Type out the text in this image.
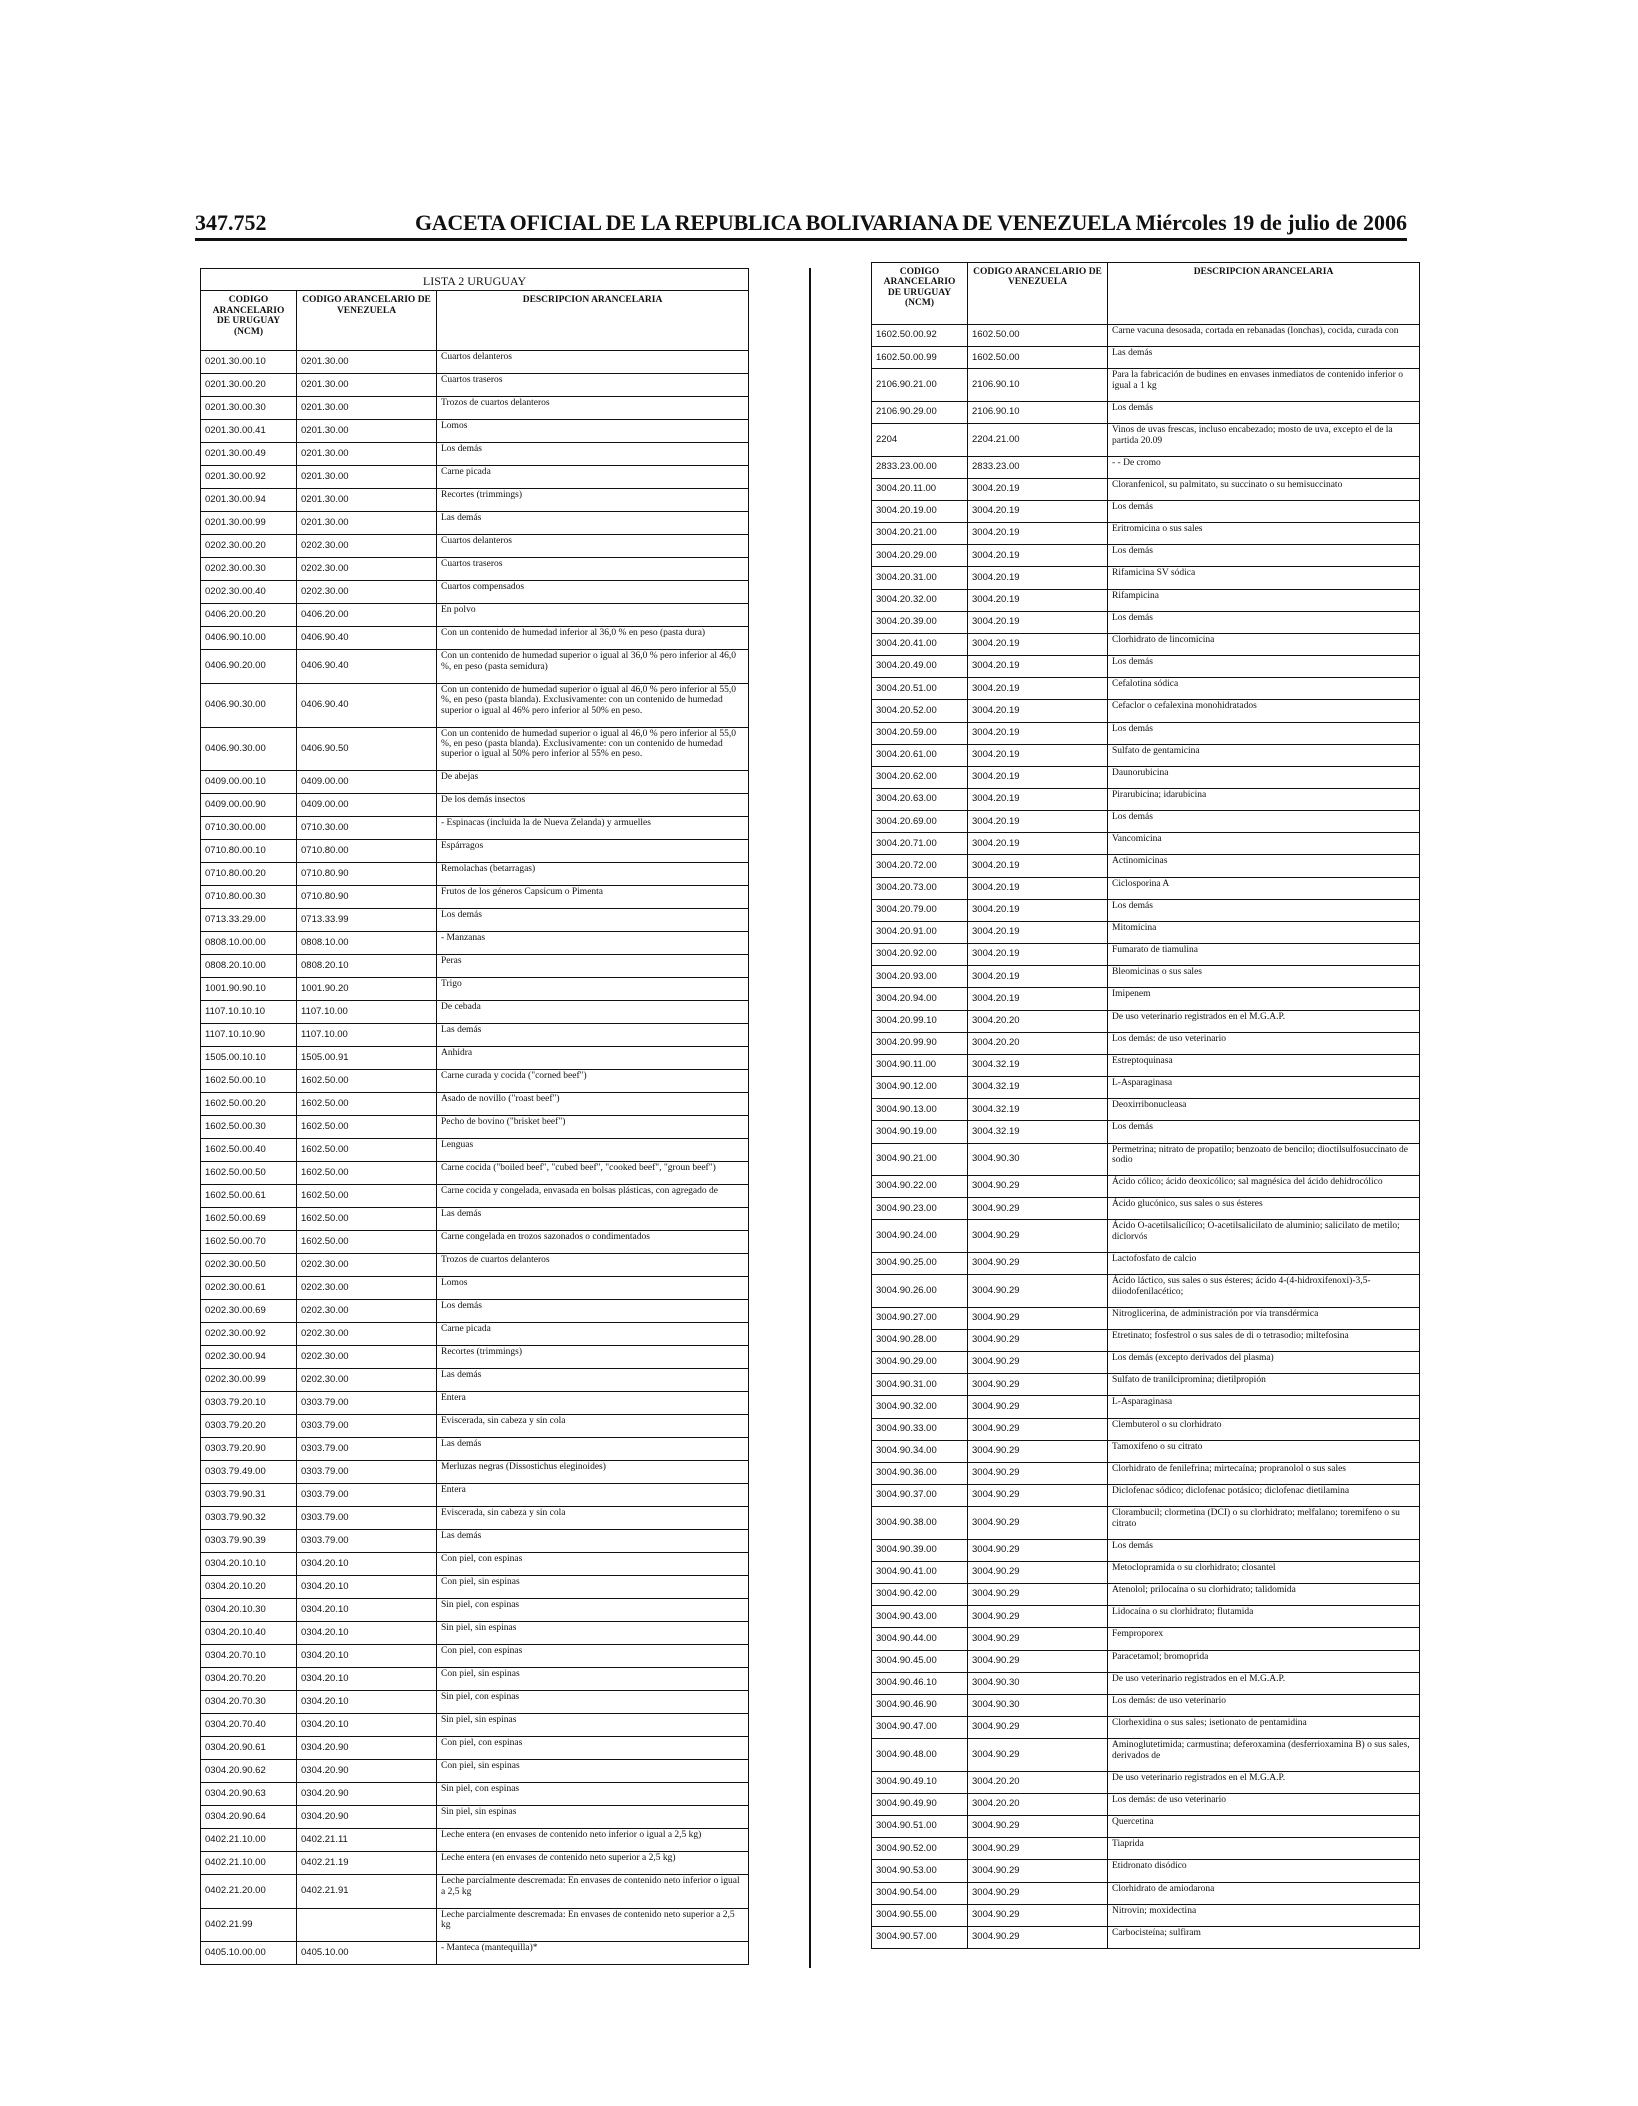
347.752	GACETA OFICIAL DE LA REPUBLICA BOLIVARIANA DE VENEZUELA Miércoles 19 de julio de 2006
LISTA 2 URUGUAY		
CODIGO ARANCELARIO DE URUGUAY (NCM)	CODIGO ARANCELARIO DE VENEZUELA	DESCRIPCION ARANCELARIA
0201.30.00.10	0201.30.00	Cuartos delanteros
0201.30.00.20	0201.30.00	Cuartos traseros
0201.30.00.30	0201.30.00	Trozos de cuartos delanteros
0201.30.00.41	0201.30.00	Lomos
0201.30.00.49	0201.30.00	Los demás
0201.30.00.92	0201.30.00	Carne picada
0201.30.00.94	0201.30.00	Recortes (trimmings)
0201.30.00.99	0201.30.00	Las demás
0202.30.00.20	0202.30.00	Cuartos delanteros
0202.30.00.30	0202.30.00	Cuartos traseros
0202.30.00.40	0202.30.00	Cuartos compensados
0406.20.00.20	0406.20.00	En polvo
0406.90.10.00	0406.90.40	Con un contenido de humedad inferior al 36,0 % en peso (pasta dura)
0406.90.20.00	0406.90.40	Con un contenido de humedad superior o igual al 36,0 % pero inferior al 46,0 %, en peso (pasta semidura)
0406.90.30.00	0406.90.40	Con un contenido de humedad superior o igual al 46,0 % pero inferior al 55,0 %, en peso (pasta blanda). Exclusivamente: con un contenido de humedad superior o igual al 46% pero inferior al 50% en peso.
0406.90.30.00	0406.90.50	Con un contenido de humedad superior o igual al 46,0 % pero inferior al 55,0 %, en peso (pasta blanda). Exclusivamente: con un contenido de humedad superior o igual al 50% pero inferior al 55% en peso.
0409.00.00.10	0409.00.00	De abejas
0409.00.00.90	0409.00.00	De los demás insectos
0710.30.00.00	0710.30.00	- Espinacas (incluida la de Nueva Zelanda) y armuelles
0710.80.00.10	0710.80.00	Espárragos
0710.80.00.20	0710.80.90	Remolachas (betarragas)
0710.80.00.30	0710.80.90	Frutos de los géneros Capsicum o Pimenta
0713.33.29.00	0713.33.99	Los demás
0808.10.00.00	0808.10.00	- Manzanas
0808.20.10.00	0808.20.10	Peras
1001.90.90.10	1001.90.20	Trigo
1107.10.10.10	1107.10.00	De cebada
1107.10.10.90	1107.10.00	Las demás
1505.00.10.10	1505.00.91	Anhidra
1602.50.00.10	1602.50.00	Carne curada y cocida ("corned beef")
1602.50.00.20	1602.50.00	Asado de novillo ("roast beef")
1602.50.00.30	1602.50.00	Pecho de bovino ("brisket beef")
1602.50.00.40	1602.50.00	Lenguas
1602.50.00.50	1602.50.00	Carne cocida ("boiled beef", "cubed beef", "cooked beef", "groun beef")
1602.50.00.61	1602.50.00	Carne cocida y congelada, envasada en bolsas plásticas, con agregado de
1602.50.00.69	1602.50.00	Las demás
1602.50.00.70	1602.50.00	Carne congelada en trozos sazonados o condimentados
0202.30.00.50	0202.30.00	Trozos de cuartos delanteros
0202.30.00.61	0202.30.00	Lomos
0202.30.00.69	0202.30.00	Los demás
0202.30.00.92	0202.30.00	Carne picada
0202.30.00.94	0202.30.00	Recortes (trimmings)
0202.30.00.99	0202.30.00	Las demás
0303.79.20.10	0303.79.00	Entera
0303.79.20.20	0303.79.00	Eviscerada, sin cabeza y sin cola
0303.79.20.90	0303.79.00	Las demás
0303.79.49.00	0303.79.00	Merluzas negras (Dissostichus eleginoides)
0303.79.90.31	0303.79.00	Entera
0303.79.90.32	0303.79.00	Eviscerada, sin cabeza y sin cola
0303.79.90.39	0303.79.00	Las demás
0304.20.10.10	0304.20.10	Con piel, con espinas
0304.20.10.20	0304.20.10	Con piel, sin espinas
0304.20.10.30	0304.20.10	Sin piel, con espinas
0304.20.10.40	0304.20.10	Sin piel, sin espinas
0304.20.70.10	0304.20.10	Con piel, con espinas
0304.20.70.20	0304.20.10	Con piel, sin espinas
0304.20.70.30	0304.20.10	Sin piel, con espinas
0304.20.70.40	0304.20.10	Sin piel, sin espinas
0304.20.90.61	0304.20.90	Con piel, con espinas
0304.20.90.62	0304.20.90	Con piel, sin espinas
0304.20.90.63	0304.20.90	Sin piel, con espinas
0304.20.90.64	0304.20.90	Sin piel, sin espinas
0402.21.10.00	0402.21.11	Leche entera (en envases de contenido neto inferior o igual a 2,5 kg)
0402.21.10.00	0402.21.19	Leche entera (en envases de contenido neto superior a 2,5 kg)
0402.21.20.00	0402.21.91	Leche parcialmente descremada: En envases de contenido neto inferior o igual a 2,5 kg
0402.21.99		Leche parcialmente descremada: En envases de contenido neto superior a 2,5 kg
0405.10.00.00	0405.10.00	- Manteca (mantequilla)*
CODIGO ARANCELARIO DE URUGUAY (NCM)	CODIGO ARANCELARIO DE VENEZUELA	DESCRIPCION ARANCELARIA
1602.50.00.92	1602.50.00	Carne vacuna desosada, cortada en rebanadas (lonchas), cocida, curada con
1602.50.00.99	1602.50.00	Las demás
2106.90.21.00	2106.90.10	Para la fabricación de budines en envases inmediatos de contenido inferior o igual a 1 kg
2106.90.29.00	2106.90.10	Los demás
2204	2204.21.00	Vinos de uvas frescas, incluso encabezado; mosto de uva, excepto el de la partida 20.09
2833.23.00.00	2833.23.00	- - De cromo
3004.20.11.00	3004.20.19	Cloranfenicol, su palmitato, su succinato o su hemisuccinato
3004.20.19.00	3004.20.19	Los demás
3004.20.21.00	3004.20.19	Eritromicina o sus sales
3004.20.29.00	3004.20.19	Los demás
3004.20.31.00	3004.20.19	Rifamicina SV sódica
3004.20.32.00	3004.20.19	Rifampicina
3004.20.39.00	3004.20.19	Los demás
3004.20.41.00	3004.20.19	Clorhidrato de lincomicina
3004.20.49.00	3004.20.19	Los demás
3004.20.51.00	3004.20.19	Cefalotina sódica
3004.20.52.00	3004.20.19	Cefaclor o cefalexina monohidratados
3004.20.59.00	3004.20.19	Los demás
3004.20.61.00	3004.20.19	Sulfato de gentamicina
3004.20.62.00	3004.20.19	Daunorubicina
3004.20.63.00	3004.20.19	Pirarubicina; idarubicina
3004.20.69.00	3004.20.19	Los demás
3004.20.71.00	3004.20.19	Vancomicina
3004.20.72.00	3004.20.19	Actinomicinas
3004.20.73.00	3004.20.19	Ciclosporina A
3004.20.79.00	3004.20.19	Los demás
3004.20.91.00	3004.20.19	Mitomicina
3004.20.92.00	3004.20.19	Fumarato de tiamulina
3004.20.93.00	3004.20.19	Bleomicinas o sus sales
3004.20.94.00	3004.20.19	Imipenem
3004.20.99.10	3004.20.20	De uso veterinario registrados en el M.G.A.P.
3004.20.99.90	3004.20.20	Los demás: de uso veterinario
3004.90.11.00	3004.32.19	Estreptoquinasa
3004.90.12.00	3004.32.19	L-Asparaginasa
3004.90.13.00	3004.32.19	Deoxirribonucleasa
3004.90.19.00	3004.32.19	Los demás
3004.90.21.00	3004.90.30	Permetrina; nitrato de propatilo; benzoato de bencilo; dioctilsulfosuccinato de sodio
3004.90.22.00	3004.90.29	Ácido cólico; ácido deoxicólico; sal magnésica del ácido dehidrocólico
3004.90.23.00	3004.90.29	Ácido glucónico, sus sales o sus ésteres
3004.90.24.00	3004.90.29	Ácido O-acetilsalicílico; O-acetilsalicilato de aluminio; salicilato de metilo; diclorvós
3004.90.25.00	3004.90.29	Lactofosfato de calcio
3004.90.26.00	3004.90.29	Ácido láctico, sus sales o sus ésteres; ácido 4-(4-hidroxifenoxi)-3,5-diiodofenilacético;
3004.90.27.00	3004.90.29	Nitroglicerina, de administración por vía transdérmica
3004.90.28.00	3004.90.29	Etretinato; fosfestrol o sus sales de di o tetrasodio; miltefosina
3004.90.29.00	3004.90.29	Los demás (excepto derivados del plasma)
3004.90.31.00	3004.90.29	Sulfato de tranilcipromina; dietilpropión
3004.90.32.00	3004.90.29	L-Asparaginasa
3004.90.33.00	3004.90.29	Clembuterol o su clorhidrato
3004.90.34.00	3004.90.29	Tamoxifeno o su citrato
3004.90.36.00	3004.90.29	Clorhidrato de fenilefrina; mirtecaína; propranolol o sus sales
3004.90.37.00	3004.90.29	Diclofenac sódico; diclofenac potásico; diclofenac dietilamina
3004.90.38.00	3004.90.29	Clorambucil; clormetina (DCI) o su clorhidrato; melfalano; toremifeno o su citrato
3004.90.39.00	3004.90.29	Los demás
3004.90.41.00	3004.90.29	Metoclopramida o su clorhidrato; closantel
3004.90.42.00	3004.90.29	Atenolol; prilocaína o su clorhidrato; talidomida
3004.90.43.00	3004.90.29	Lidocaína o su clorhidrato; flutamida
3004.90.44.00	3004.90.29	Femproporex
3004.90.45.00	3004.90.29	Paracetamol; bromoprida
3004.90.46.10	3004.90.30	De uso veterinario registrados en el M.G.A.P.
3004.90.46.90	3004.90.30	Los demás: de uso veterinario
3004.90.47.00	3004.90.29	Clorhexidina o sus sales; isetionato de pentamidina
3004.90.48.00	3004.90.29	Aminoglutetimida; carmustina; deferoxamina (desferrioxamina B) o sus sales, derivados de
3004.90.49.10	3004.20.20	De uso veterinario registrados en el M.G.A.P.
3004.90.49.90	3004.20.20	Los demás: de uso veterinario
3004.90.51.00	3004.90.29	Quercetina
3004.90.52.00	3004.90.29	Tiaprida
3004.90.53.00	3004.90.29	Etidronato disódico
3004.90.54.00	3004.90.29	Clorhidrato de amiodarona
3004.90.55.00	3004.90.29	Nitrovin; moxidectina
3004.90.57.00	3004.90.29	Carbocisteína; sulfiram
